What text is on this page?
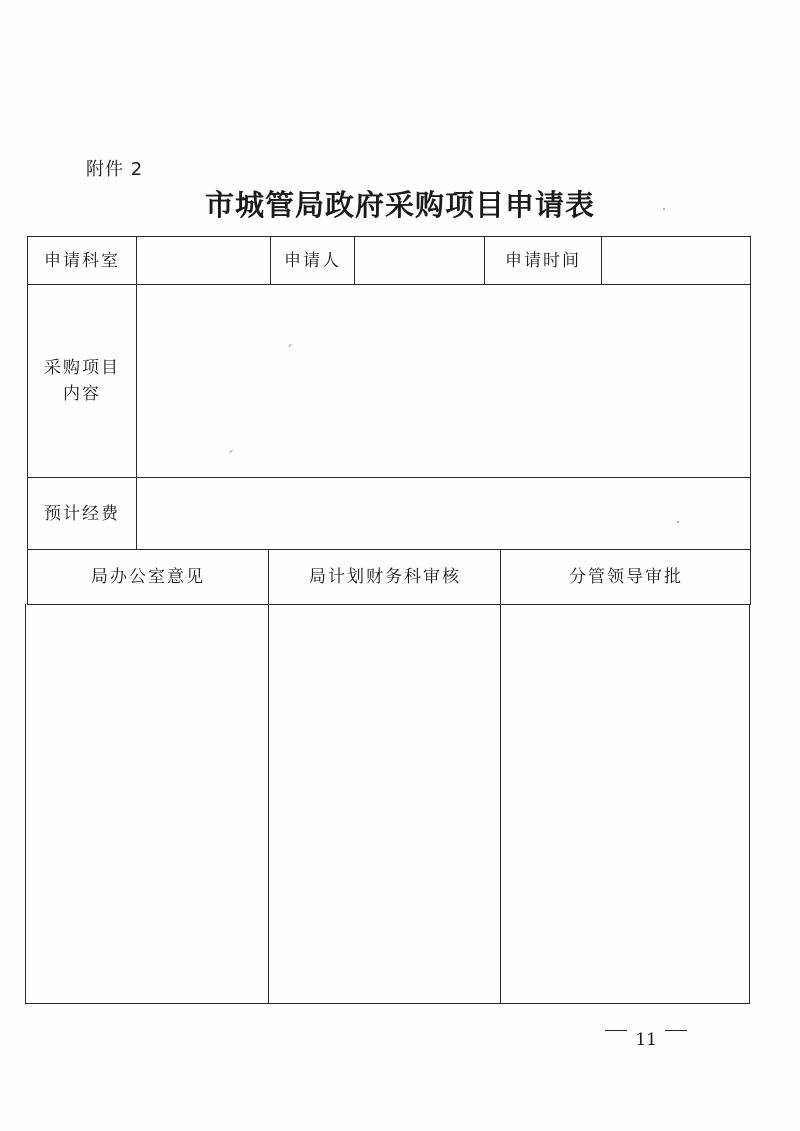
附件 2
市城管局政府采购项目申请表
申请科室	申请人	申请时间
采购项目
内容
预计经费
局办公室意见	局计划财务科审核	分管领导审批
11
